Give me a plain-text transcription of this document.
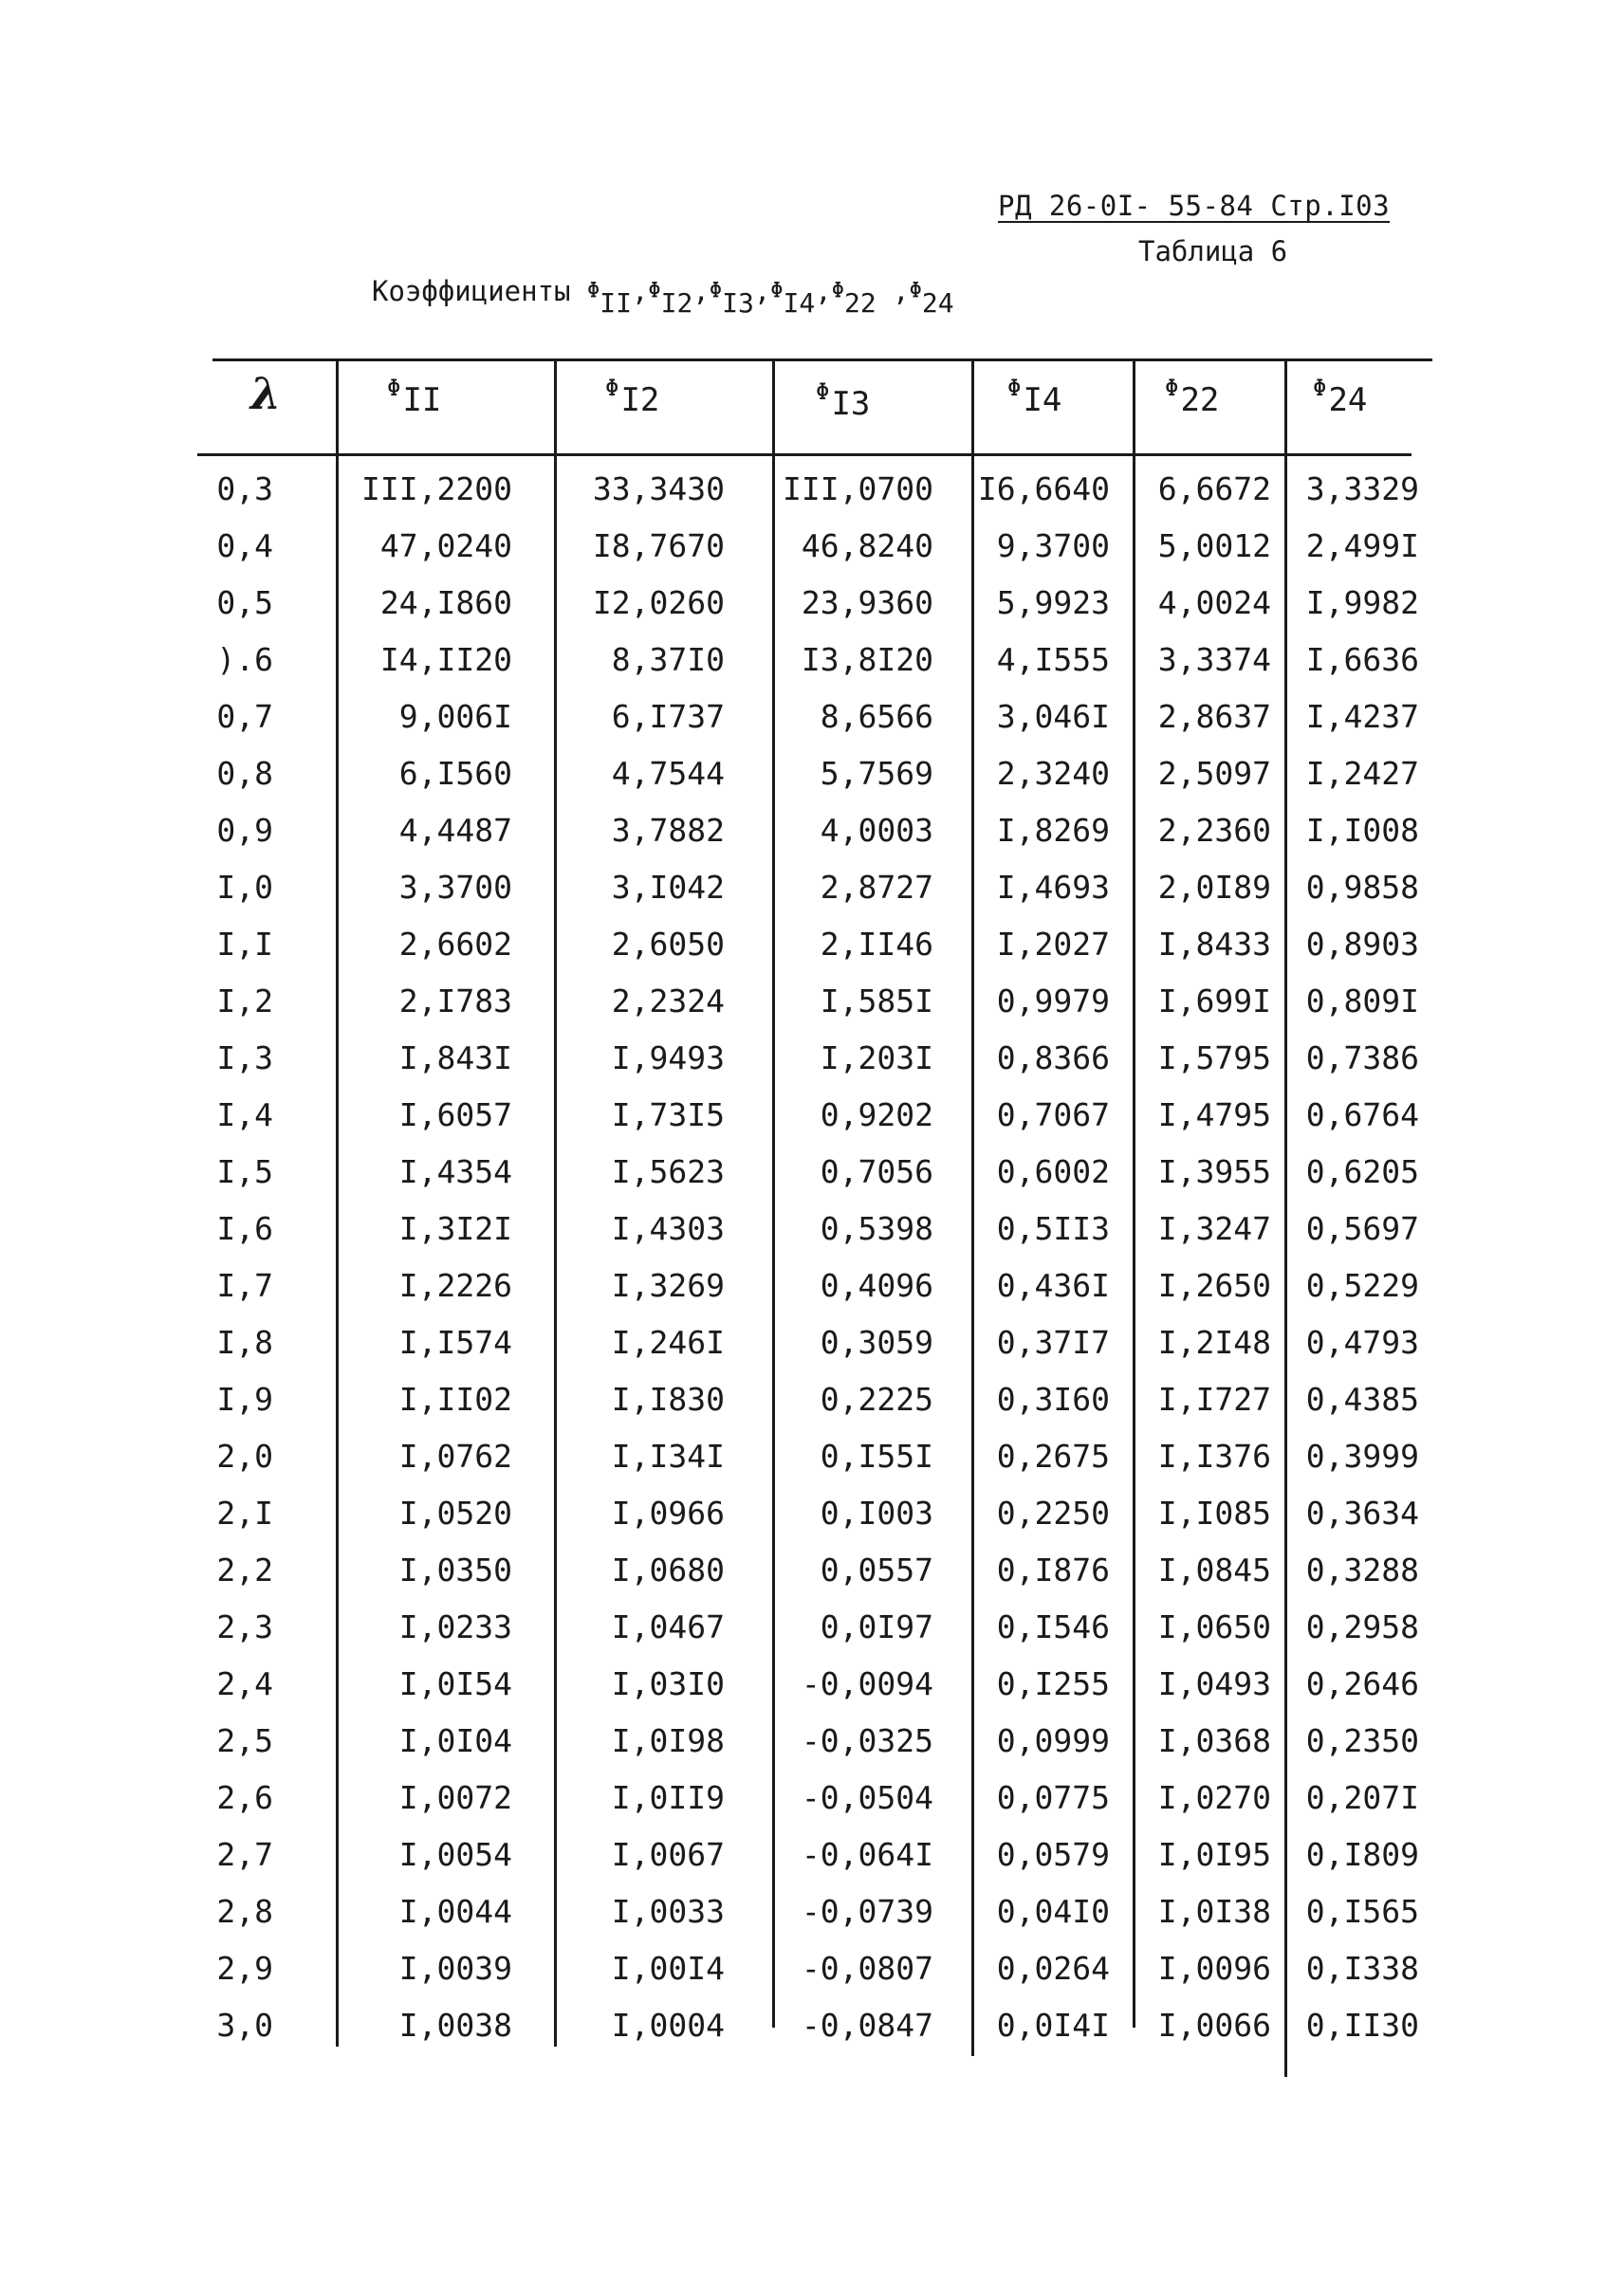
РД 26-0I- 55-84 Стр.I03
Таблица 6
Коэффициенты ΦII,ΦI2,ΦI3,ΦI4,Φ22 ,Φ24
λ	$^\Phi$II	$^\Phi$I2	$^\Phi$I3	$^\Phi$I4	$^\Phi$22	$^\Phi$24
0,3	III,2200	33,3430 III,0700 I6,6640 6,6672 3,3329
0,4	47,0240	I8,7670 46,8240 9,3700 5,0012 2,499I
0,5	24,I860	I2,0260 23,9360 5,9923 4,0024 I,9982
).6	I4,II20	8,37I0 I3,8I20 4,I555 3,3374 I,6636
0,7	9,006I	6,I737	8,6566 3,046I 2,8637 I,4237
0,8	6,I560	4,7544	5,7569 2,3240 2,5097 I,2427
0,9	4,4487	3,7882	4,0003 I,8269 2,2360 I,I008
I,0	3,3700	3,I042	2,8727 I,4693 2,0I89 0,9858
I,I	2,6602	2,6050	2,II46 I,2027 I,8433 0,8903
I,2	2,I783	2,2324	I,585I 0,9979 I,699I 0,809I
I,3	I,843I	I,9493	I,203I 0,8366 I,5795 0,7386
I,4	I,6057	I,73I5	0,9202 0,7067 I,4795 0,6764
I,5	I,4354	I,5623	0,7056 0,6002 I,3955 0,6205
I,6	I,3I2I	I,4303	0,5398 0,5II3 I,3247 0,5697
I,7	I,2226	I,3269	0,4096 0,436I I,2650 0,5229
I,8	I,I574	I,246I	0,3059 0,37I7 I,2I48 0,4793
I,9	I,II02	I,I830	0,2225 0,3I60 I,I727 0,4385
2,0	I,0762	I,I34I	0,I55I 0,2675 I,I376 0,3999
2,I	I,0520	I,0966	0,I003 0,2250 I,I085 0,3634
2,2	I,0350	I,0680	0,0557 0,I876 I,0845 0,3288
2,3	I,0233	I,0467	0,0I97 0,I546 I,0650 0,2958
2,4	I,0I54	I,03I0 -0,0094 0,I255 I,0493 0,2646
2,5	I,0I04	I,0I98 -0,0325 0,0999 I,0368 0,2350
2,6	I,0072	I,0II9 -0,0504 0,0775 I,0270 0,207I
2,7	I,0054	I,0067 -0,064I 0,0579 I,0I95 0,I809
2,8	I,0044	I,0033 -0,0739 0,04I0 I,0I38 0,I565
2,9	I,0039	I,00I4 -0,0807 0,0264 I,0096 0,I338
3,0	I,0038	I,0004 -0,0847 0,0I4I I,0066 0,II30
